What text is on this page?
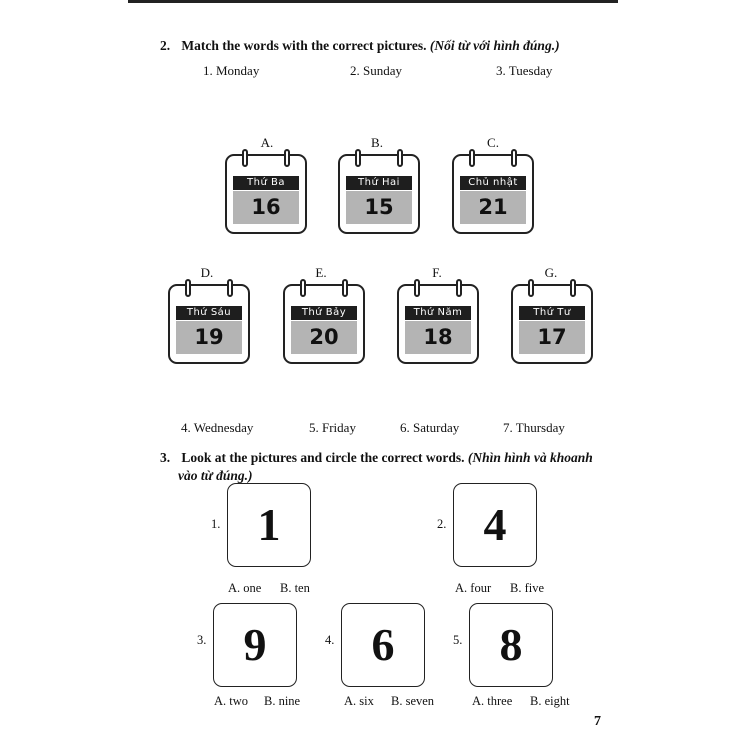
2. Match the words with the correct pictures. (Nối từ với hình đúng.)
1. Monday	2. Sunday	3. Tuesday
A.	B.	C.
Thứ Ba
16
Thứ Hai
15
Chủ nhật
21
D.	E.	F.	G.
Thứ Sáu
19
Thứ Bảy
20
Thứ Năm
18
Thứ Tư
17
4. Wednesday	5. Friday	6. Saturday	7. Thursday
3. Look at the pictures and circle the correct words. (Nhìn hình và khoanh
vào từ đúng.)
1. 1
A. one B. ten
2. 4
A. four B. five
3. 9
A. two B. nine
4. 6
A. six B. seven
5. 8
A. three B. eight
7
